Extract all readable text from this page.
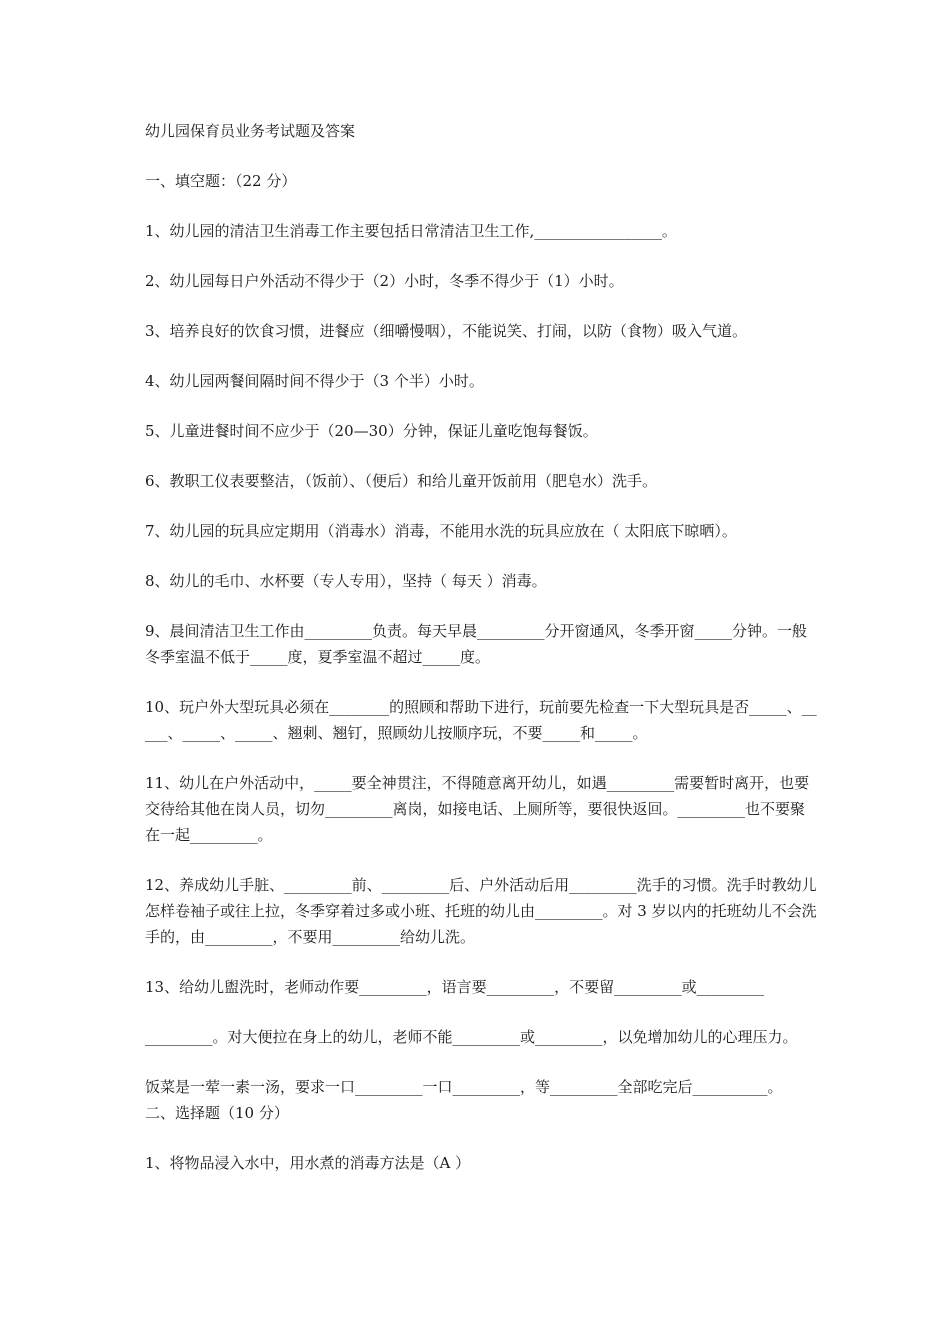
幼儿园保育员业务考试题及答案
一、填空题：（22 分）
1、幼儿园的清洁卫生消毒工作主要包括日常清洁卫生工作,_________________。
2、幼儿园每日户外活动不得少于（2）小时，冬季不得少于（1）小时。
3、培养良好的饮食习惯，进餐应（细嚼慢咽），不能说笑、打闹，以防（食物）吸入气道。
4、幼儿园两餐间隔时间不得少于（3 个半）小时。
5、儿童进餐时间不应少于（20—30）分钟，保证儿童吃饱每餐饭。
6、教职工仪表要整洁，（饭前）、（便后）和给儿童开饭前用（肥皂水）洗手。
7、幼儿园的玩具应定期用（消毒水）消毒，不能用水洗的玩具应放在（ 太阳底下晾晒）。
8、幼儿的毛巾、水杯要（专人专用），坚持（ 每天 ）消毒。
9、晨间清洁卫生工作由_________负责。每天早晨_________分开窗通风，冬季开窗_____分钟。一般冬季室温不低于_____度，夏季室温不超过_____度。
10、玩户外大型玩具必须在________的照顾和帮助下进行，玩前要先检查一下大型玩具是否_____、_____、_____、_____、翘刺、翘钉，照顾幼儿按顺序玩，不要_____和_____。
11、幼儿在户外活动中，_____要全神贯注，不得随意离开幼儿，如遇_________需要暂时离开，也要交待给其他在岗人员，切勿_________离岗，如接电话、上厕所等，要很快返回。_________也不要聚在一起_________。
12、养成幼儿手脏、_________前、_________后、户外活动后用_________洗手的习惯。洗手时教幼儿怎样卷袖子或往上拉，冬季穿着过多或小班、托班的幼儿由_________。对 3 岁以内的托班幼儿不会洗手的，由_________，不要用_________给幼儿洗。
13、给幼儿盥洗时，老师动作要_________，语言要_________，不要留_________或_________
_________。对大便拉在身上的幼儿，老师不能_________或_________，以免增加幼儿的心理压力。
饭菜是一荤一素一汤，要求一口_________一口_________，等_________全部吃完后__________。
二、选择题（10 分）
1、将物品浸入水中，用水煮的消毒方法是（A ）
